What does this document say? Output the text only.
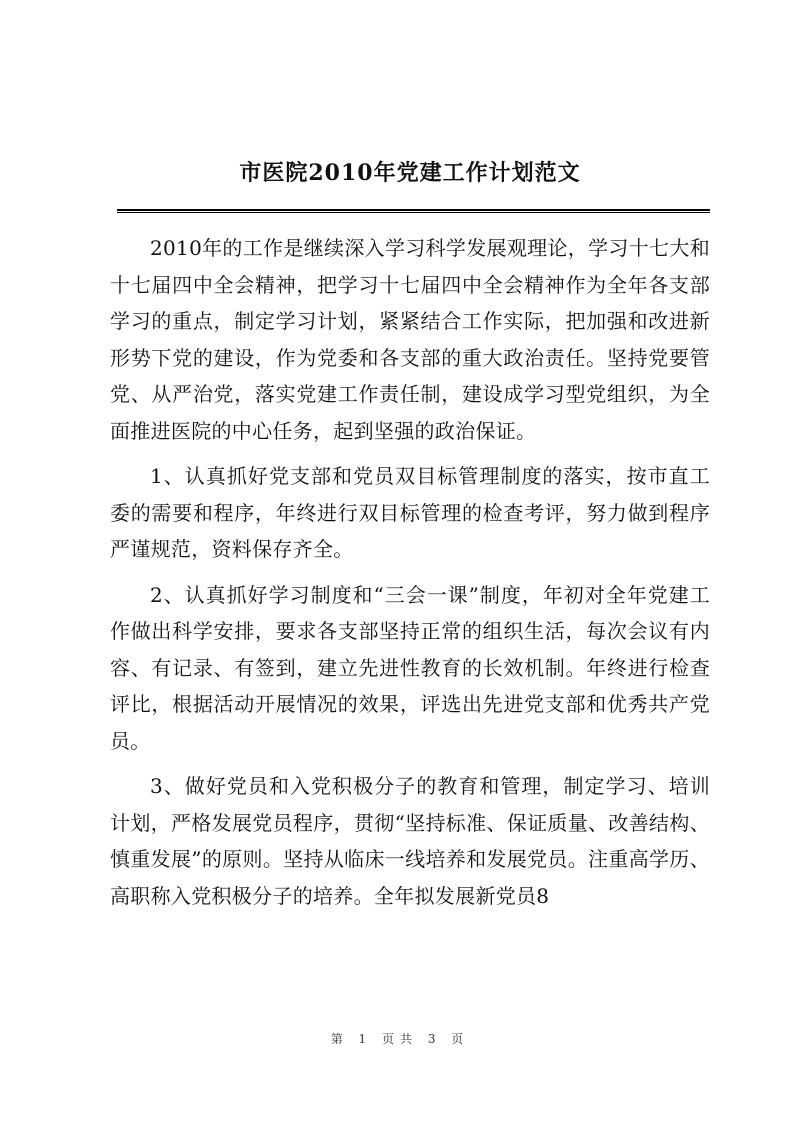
市医院2010年党建工作计划范文

2010年的工作是继续深入学习科学发展观理论，学习十七大和十七届四中全会精神，把学习十七届四中全会精神作为全年各支部学习的重点，制定学习计划，紧紧结合工作实际，把加强和改进新形势下党的建设，作为党委和各支部的重大政治责任。坚持党要管党、从严治党，落实党建工作责任制，建设成学习型党组织，为全面推进医院的中心任务，起到坚强的政治保证。

1、认真抓好党支部和党员双目标管理制度的落实，按市直工委的需要和程序，年终进行双目标管理的检查考评，努力做到程序严谨规范，资料保存齐全。

2、认真抓好学习制度和“三会一课”制度，年初对全年党建工作做出科学安排，要求各支部坚持正常的组织生活，每次会议有内容、有记录、有签到，建立先进性教育的长效机制。年终进行检查评比，根据活动开展情况的效果，评选出先进党支部和优秀共产党员。

3、做好党员和入党积极分子的教育和管理，制定学习、培训计划，严格发展党员程序，贯彻“坚持标准、保证质量、改善结构、慎重发展”的原则。坚持从临床一线培养和发展党员。注重高学历、高职称入党积极分子的培养。全年拟发展新党员8

第 1 页共 3 页
